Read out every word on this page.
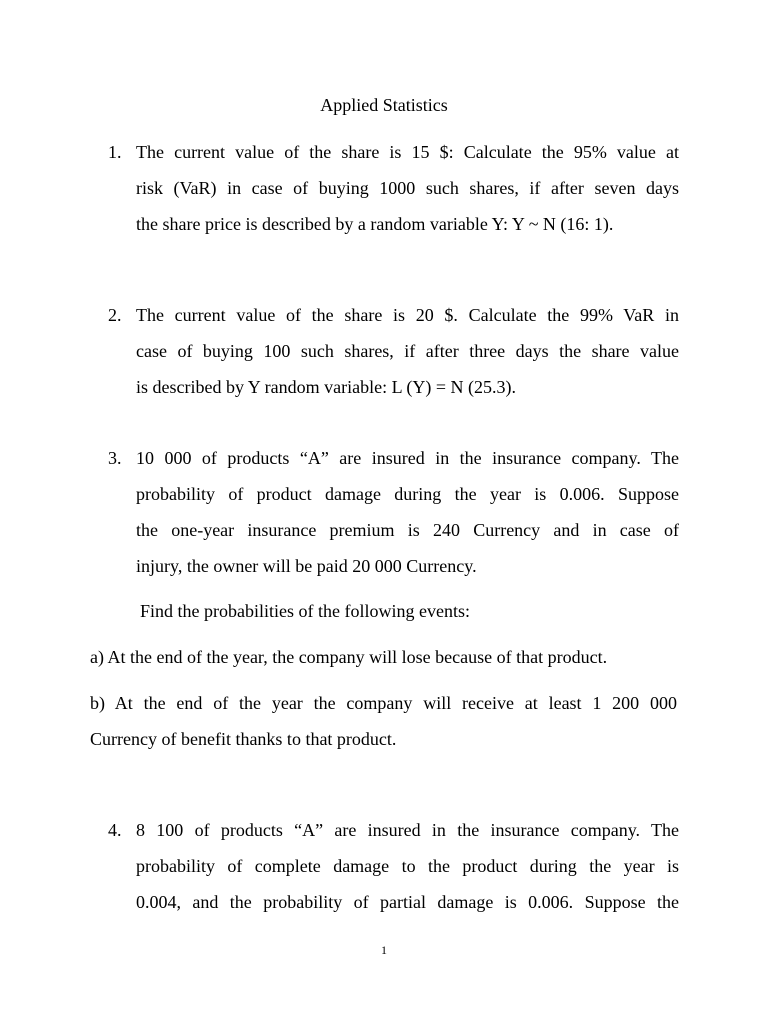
Applied Statistics
1. The current value of the share is 15 $: Calculate the 95% value at
risk (VaR) in case of buying 1000 such shares, if after seven days
the share price is described by a random variable Y: Y ~ N (16: 1).
2. The current value of the share is 20 $. Calculate the 99% VaR in
case of buying 100 such shares, if after three days the share value
is described by Y random variable: L (Y) = N (25.3).
3. 10 000 of products “A” are insured in the insurance company. The
probability of product damage during the year is 0.006. Suppose
the one-year insurance premium is 240 Currency and in case of
injury, the owner will be paid 20 000 Currency.
Find the probabilities of the following events:
a) At the end of the year, the company will lose because of that product.
b) At the end of the year the company will receive at least 1 200 000
Currency of benefit thanks to that product.
4. 8 100 of products “A” are insured in the insurance company. The
probability of complete damage to the product during the year is
0.004, and the probability of partial damage is 0.006. Suppose the
1
